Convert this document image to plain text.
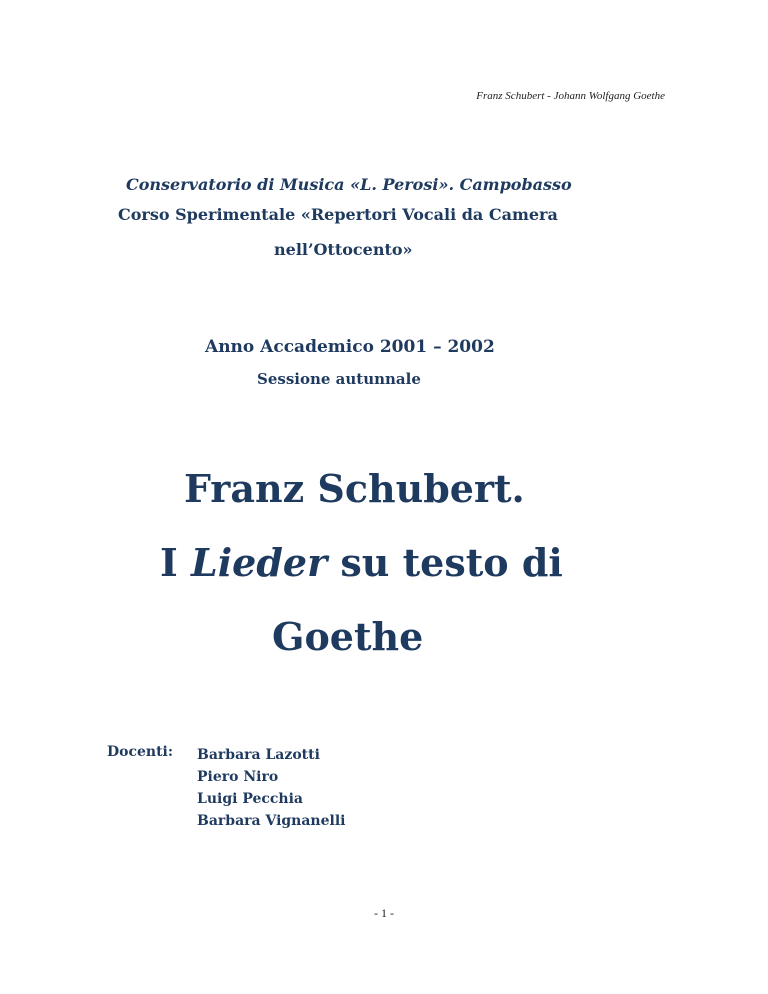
Franz Schubert - Johann Wolfgang Goethe
Conservatorio di Musica «L. Perosi». Campobasso
Corso Sperimentale «Repertori Vocali da Camera
nell’Ottocento»
Anno Accademico 2001 – 2002
Sessione autunnale
Franz Schubert.
I Lieder su testo di
Goethe
Docenti: Barbara Lazotti
Piero Niro
Luigi Pecchia
Barbara Vignanelli
- 1 -
